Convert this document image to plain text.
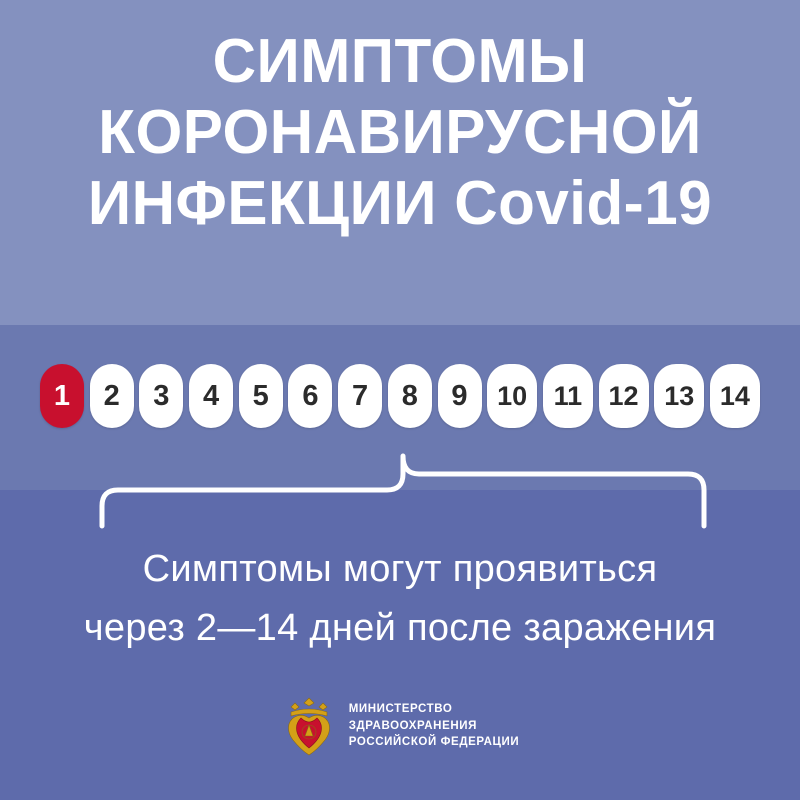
СИМПТОМЫ
КОРОНАВИРУСНОЙ
ИНФЕКЦИИ Covid-19
1	2	3	4	5	6	7	8	9	10 11 12 13 14
Симптомы могут проявиться
через 2—14 дней после заражения
МИНИСТЕРСТВО
ЗДРАВООХРАНЕНИЯ
РОССИЙСКОЙ ФЕДЕРАЦИИ
